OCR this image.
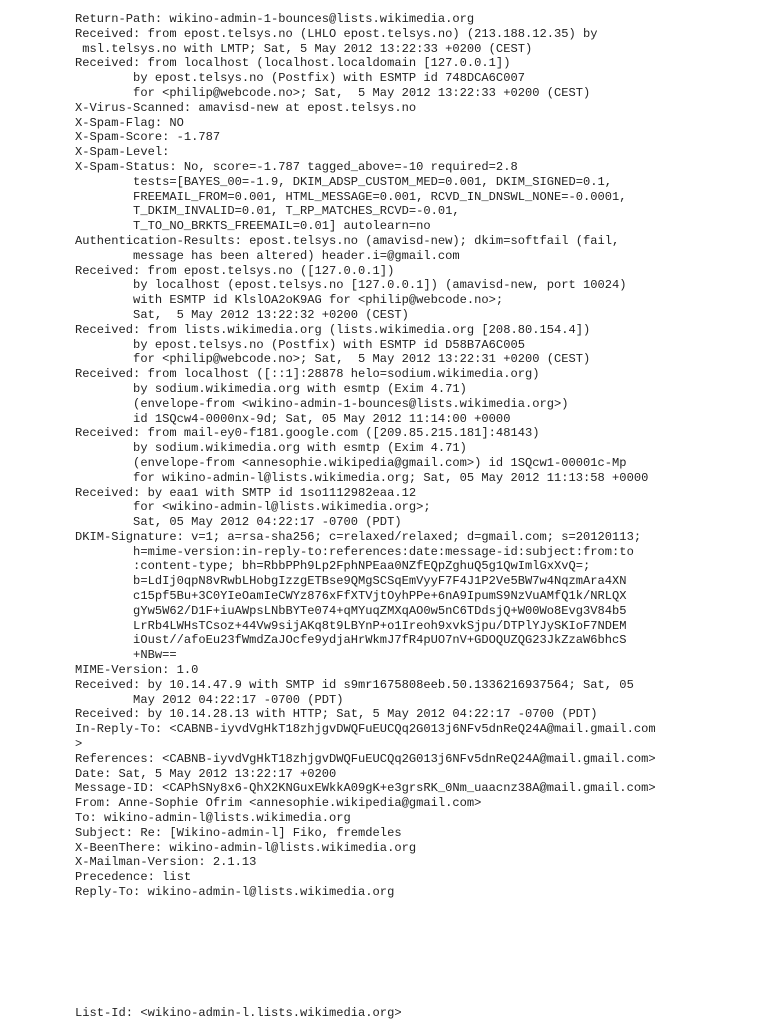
Return-Path: wikino-admin-1-bounces@lists.wikimedia.org
Received: from epost.telsys.no (LHLO epost.telsys.no) (213.188.12.35) by
msl.telsys.no with LMTP; Sat, 5 May 2012 13:22:33 +0200 (CEST)
Received: from localhost (localhost.localdomain [127.0.0.1])
by epost.telsys.no (Postfix) with ESMTP id 748DCA6C007
for <philip@webcode.no>; Sat,  5 May 2012 13:22:33 +0200 (CEST)
X-Virus-Scanned: amavisd-new at epost.telsys.no
X-Spam-Flag: NO
X-Spam-Score: -1.787
X-Spam-Level:
X-Spam-Status: No, score=-1.787 tagged_above=-10 required=2.8
tests=[BAYES_00=-1.9, DKIM_ADSP_CUSTOM_MED=0.001, DKIM_SIGNED=0.1,
FREEMAIL_FROM=0.001, HTML_MESSAGE=0.001, RCVD_IN_DNSWL_NONE=-0.0001,
T_DKIM_INVALID=0.01, T_RP_MATCHES_RCVD=-0.01,
T_TO_NO_BRKTS_FREEMAIL=0.01] autolearn=no
Authentication-Results: epost.telsys.no (amavisd-new); dkim=softfail (fail,
message has been altered) header.i=@gmail.com
Received: from epost.telsys.no ([127.0.0.1])
by localhost (epost.telsys.no [127.0.0.1]) (amavisd-new, port 10024)
with ESMTP id KlslOA2oK9AG for <philip@webcode.no>;
Sat,  5 May 2012 13:22:32 +0200 (CEST)
Received: from lists.wikimedia.org (lists.wikimedia.org [208.80.154.4])
by epost.telsys.no (Postfix) with ESMTP id D58B7A6C005
for <philip@webcode.no>; Sat,  5 May 2012 13:22:31 +0200 (CEST)
Received: from localhost ([::1]:28878 helo=sodium.wikimedia.org)
by sodium.wikimedia.org with esmtp (Exim 4.71)
(envelope-from <wikino-admin-1-bounces@lists.wikimedia.org>)
id 1SQcw4-0000nx-9d; Sat, 05 May 2012 11:14:00 +0000
Received: from mail-ey0-f181.google.com ([209.85.215.181]:48143)
by sodium.wikimedia.org with esmtp (Exim 4.71)
(envelope-from <annesophie.wikipedia@gmail.com>) id 1SQcw1-00001c-Mp
for wikino-admin-l@lists.wikimedia.org; Sat, 05 May 2012 11:13:58 +0000
Received: by eaa1 with SMTP id 1so1112982eaa.12
for <wikino-admin-l@lists.wikimedia.org>;
Sat, 05 May 2012 04:22:17 -0700 (PDT)
DKIM-Signature: v=1; a=rsa-sha256; c=relaxed/relaxed; d=gmail.com; s=20120113;
h=mime-version:in-reply-to:references:date:message-id:subject:from:to
:content-type; bh=RbbPPh9Lp2FphNPEaa0NZfEQpZghuQ5g1QwImlGxXvQ=;
b=LdIj0qpN8vRwbLHobgIzzgETBse9QMgSCSqEmVyyF7F4J1P2Ve5BW7w4NqzmAra4XN
c15pf5Bu+3C0YIeOamIeCWYz876xFfXTVjtOyhPPe+6nA9IpumS9NzVuAMfQ1k/NRLQX
gYw5W62/D1F+iuAWpsLNbBYTe074+qMYuqZMXqAO0w5nC6TDdsjQ+W00Wo8Evg3V84b5
LrRb4LWHsTCsoz+44Vw9sijAKq8t9LBYnP+o1Ireoh9xvkSjpu/DTPlYJySKIoF7NDEM
iOust//afoEu23fWmdZaJOcfe9ydjaHrWkmJ7fR4pUO7nV+GDOQUZQG23JkZzaW6bhcS
+NBw==
MIME-Version: 1.0
Received: by 10.14.47.9 with SMTP id s9mr1675808eeb.50.1336216937564; Sat, 05
May 2012 04:22:17 -0700 (PDT)
Received: by 10.14.28.13 with HTTP; Sat, 5 May 2012 04:22:17 -0700 (PDT)
In-Reply-To: <CABNB-iyvdVgHkT18zhjgvDWQFuEUCQq2G013j6NFv5dnReQ24A@mail.gmail.com
>
References: <CABNB-iyvdVgHkT18zhjgvDWQFuEUCQq2G013j6NFv5dnReQ24A@mail.gmail.com>
Date: Sat, 5 May 2012 13:22:17 +0200
Message-ID: <CAPhSNy8x6-QhX2KNGuxEWkkA09gK+e3grsRK_0Nm_uaacnz38A@mail.gmail.com>
From: Anne-Sophie Ofrim <annesophie.wikipedia@gmail.com>
To: wikino-admin-l@lists.wikimedia.org
Subject: Re: [Wikino-admin-l] Fiko, fremdeles
X-BeenThere: wikino-admin-l@lists.wikimedia.org
X-Mailman-Version: 2.1.13
Precedence: list
Reply-To: wikino-admin-l@lists.wikimedia.org
List-Id: <wikino-admin-l.lists.wikimedia.org>
